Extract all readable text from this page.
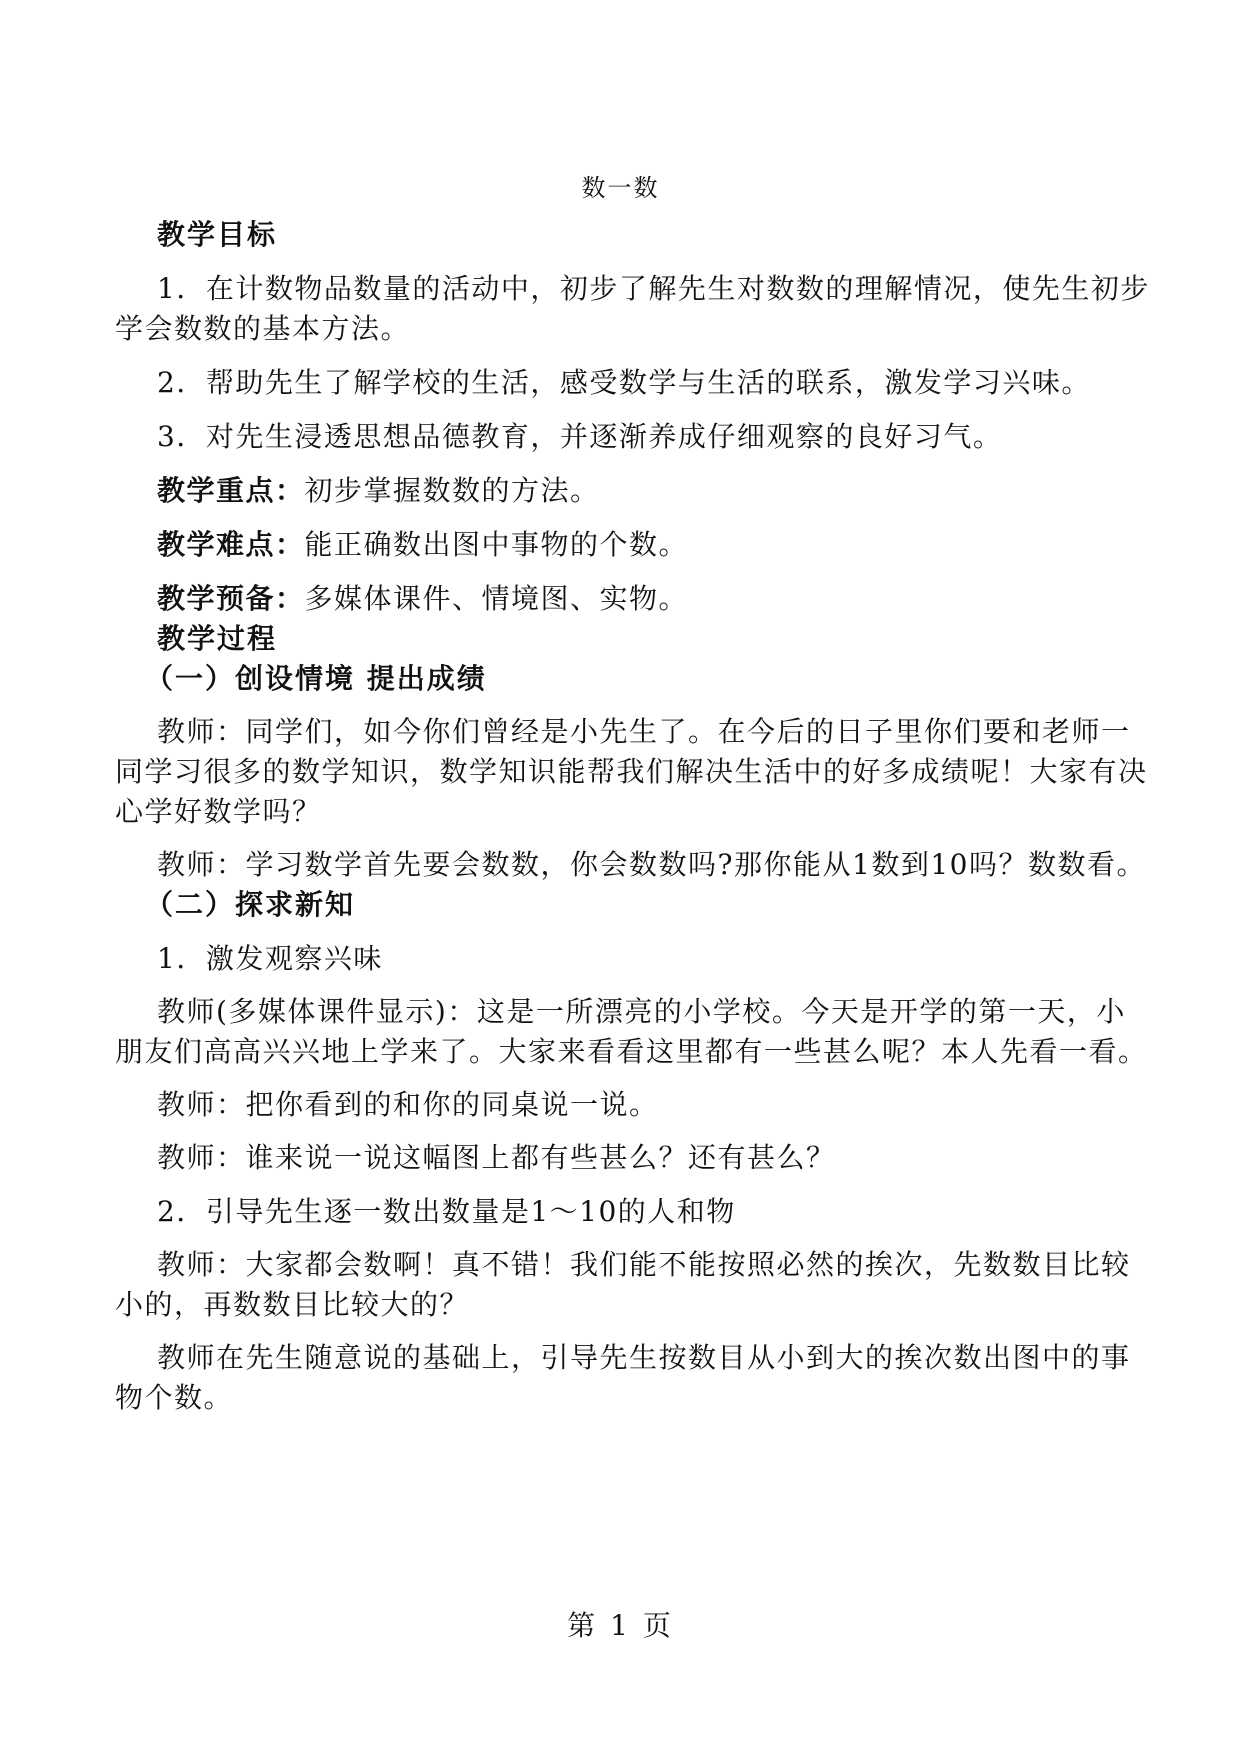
数一数

教学目标

1．在计数物品数量的活动中，初步了解先生对数数的理解情况，使先生初步学会数数的基本方法。

2．帮助先生了解学校的生活，感受数学与生活的联系，激发学习兴味。

3．对先生浸透思想品德教育，并逐渐养成仔细观察的良好习气。

教学重点：初步掌握数数的方法。

教学难点：能正确数出图中事物的个数。

教学预备：多媒体课件、情境图、实物。

教学过程

（一）创设情境 提出成绩

教师：同学们，如今你们曾经是小先生了。在今后的日子里你们要和老师一同学习很多的数学知识，数学知识能帮我们解决生活中的好多成绩呢！大家有决心学好数学吗？

教师：学习数学首先要会数数，你会数数吗?那你能从1数到10吗？数数看。

（二）探求新知

1．激发观察兴味

教师(多媒体课件显示)：这是一所漂亮的小学校。今天是开学的第一天，小朋友们高高兴兴地上学来了。大家来看看这里都有一些甚么呢？本人先看一看。

教师：把你看到的和你的同桌说一说。

教师：谁来说一说这幅图上都有些甚么？还有甚么？

2．引导先生逐一数出数量是1～10的人和物

教师：大家都会数啊！真不错！我们能不能按照必然的挨次，先数数目比较小的，再数数目比较大的？

教师在先生随意说的基础上，引导先生按数目从小到大的挨次数出图中的事物个数。

第 1 页
